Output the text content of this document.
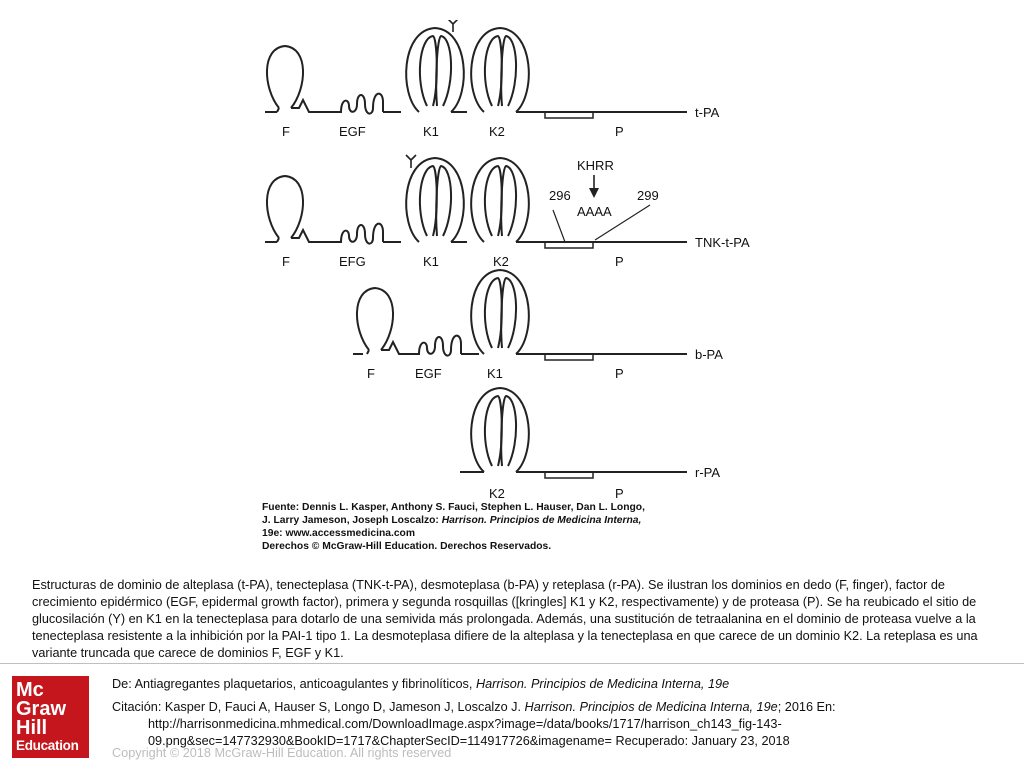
F	EGF	K1	K2	P
t-PA
KHRR
296	299
AAAA
F	EFG	K1	K2	P
TNK-t-PA
F	EGF	K1	P
b-PA
K2	P
r-PA
Fuente: Dennis L. Kasper, Anthony S. Fauci, Stephen L. Hauser, Dan L. Longo,
J. Larry Jameson, Joseph Loscalzo: Harrison. Principios de Medicina Interna,
19e: www.accessmedicina.com
Derechos © McGraw-Hill Education. Derechos Reservados.
Estructuras de dominio de alteplasa (t-PA), tenecteplasa (TNK-t-PA), desmoteplasa (b-PA) y reteplasa (r-PA). Se ilustran los dominios en dedo (F, finger), factor de crecimiento epidérmico (EGF, epidermal growth factor), primera y segunda rosquillas ([kringles] K1 y K2, respectivamente) y de proteasa (P). Se ha reubicado el sitio de glucosilación (Y) en K1 en la tenecteplasa para dotarlo de una semivida más prolongada. Además, una sustitución de tetraalanina en el dominio de proteasa vuelve a la tenecteplasa resistente a la inhibición por la PAI-1 tipo 1. La desmoteplasa difiere de la alteplasa y la tenecteplasa en que carece de un dominio K2. La reteplasa es una variante truncada que carece de dominios F, EGF y K1.
Mc
Graw
Hill
Education

De: Antiagregantes plaquetarios, anticoagulantes y fibrinolíticos, Harrison. Principios de Medicina Interna, 19e

Citación: Kasper D, Fauci A, Hauser S, Longo D, Jameson J, Loscalzo J. Harrison. Principios de Medicina Interna, 19e; 2016 En:

http://harrisonmedicina.mhmedical.com/DownloadImage.aspx?image=/data/books/1717/harrison_ch143_fig-143-

09.png&sec=147732930&BookID=1717&ChapterSecID=114917726&imagename= Recuperado: January 23, 2018

Copyright © 2018 McGraw-Hill Education. All rights reserved
